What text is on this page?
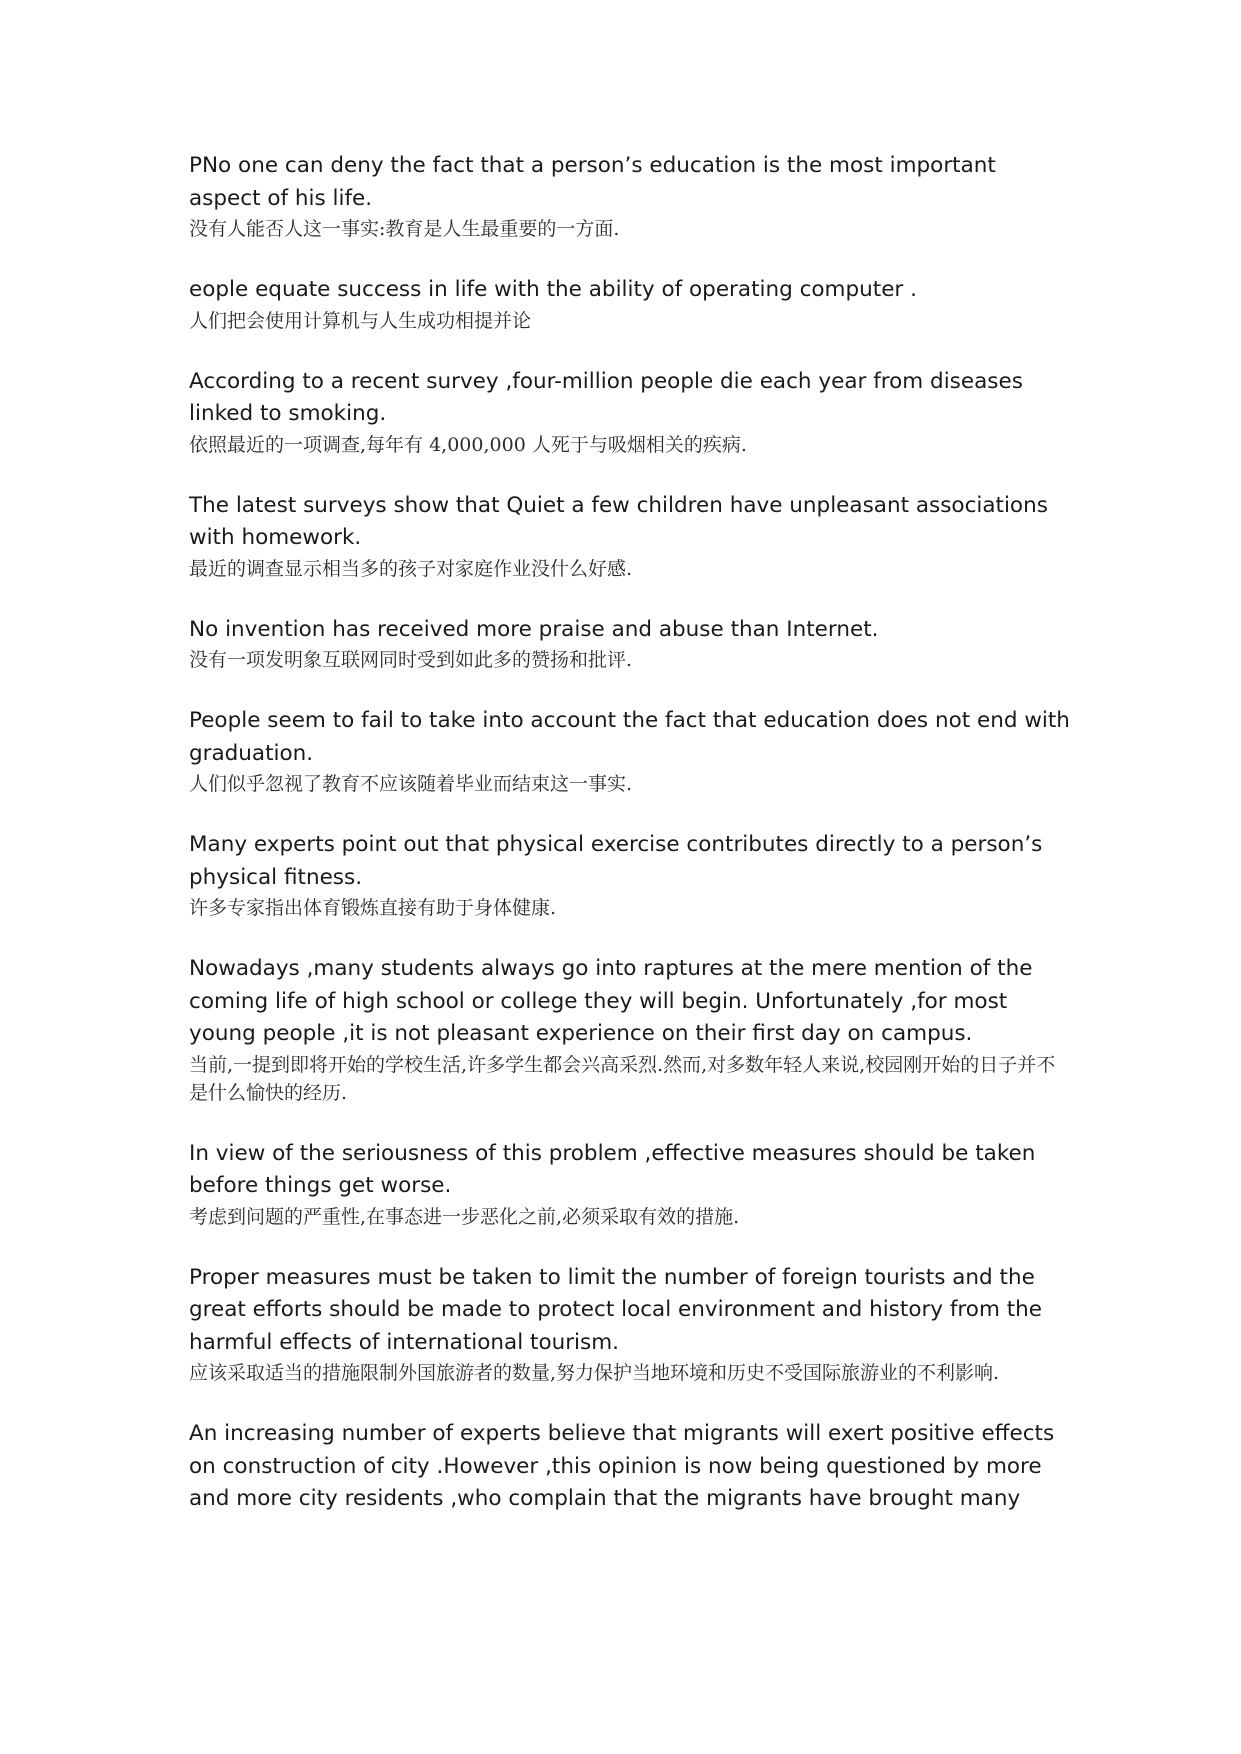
PNo one can deny the fact that a person’s education is the most important aspect of his life.

没有人能否人这一事实:教育是人生最重要的一方面.

eople equate success in life with the ability of operating computer .

人们把会使用计算机与人生成功相提并论

According to a recent survey ,four-million people die each year from diseases linked to smoking.

依照最近的一项调查,每年有 4,000,000 人死于与吸烟相关的疾病.

The latest surveys show that Quiet a few children have unpleasant associations with homework.

最近的调查显示相当多的孩子对家庭作业没什么好感.

No invention has received more praise and abuse than Internet.

没有一项发明象互联网同时受到如此多的赞扬和批评.

People seem to fail to take into account the fact that education does not end with graduation.

人们似乎忽视了教育不应该随着毕业而结束这一事实.

Many experts point out that physical exercise contributes directly to a person’s physical fitness.

许多专家指出体育锻炼直接有助于身体健康.

Nowadays ,many students always go into raptures at the mere mention of the coming life of high school or college they will begin. Unfortunately ,for most young people ,it is not pleasant experience on their first day on campus.

当前,一提到即将开始的学校生活,许多学生都会兴高采烈.然而,对多数年轻人来说,校园刚开始的日子并不是什么愉快的经历.

In view of the seriousness of this problem ,effective measures should be taken before things get worse.

考虑到问题的严重性,在事态进一步恶化之前,必须采取有效的措施.

Proper measures must be taken to limit the number of foreign tourists and the great efforts should be made to protect local environment and history from the harmful effects of international tourism.

应该采取适当的措施限制外国旅游者的数量,努力保护当地环境和历史不受国际旅游业的不利影响.

An increasing number of experts believe that migrants will exert positive effects on construction of city .However ,this opinion is now being questioned by more and more city residents ,who complain that the migrants have brought many
